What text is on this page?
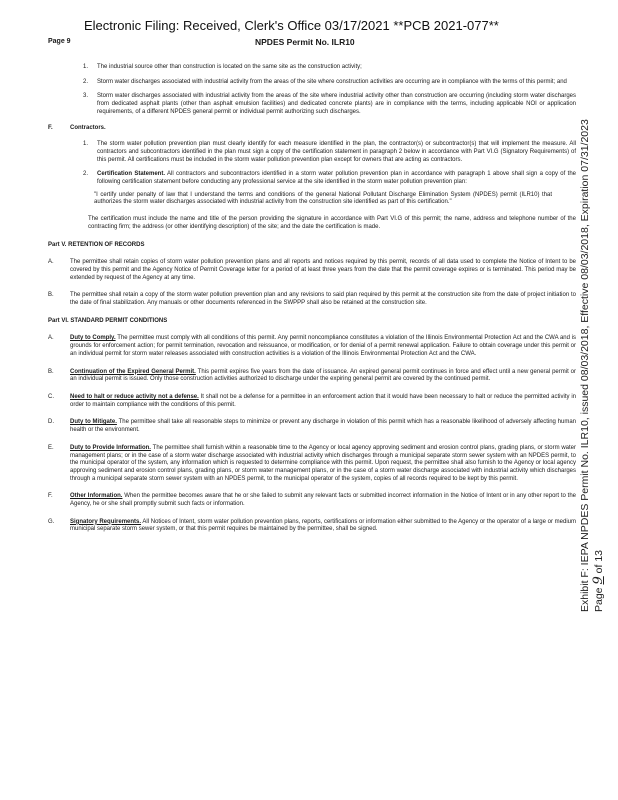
Electronic Filing: Received, Clerk's Office 03/17/2021 **PCB 2021-077**
Page 9	NPDES Permit No. ILR10
1.	The industrial source other than construction is located on the same site as the construction activity;
2.	Storm water discharges associated with industrial activity from the areas of the site where construction activities are occurring are in compliance with the terms of this permit; and
3.	Storm water discharges associated with industrial activity from the areas of the site where industrial activity other than construction are occurring (including storm water discharges from dedicated asphalt plants (other than asphalt emulsion facilities) and dedicated concrete plants) are in compliance with the terms, including applicable NOI or application requirements, of a different NPDES general permit or individual permit authorizing such discharges.
F.	Contractors.
1.	The storm water pollution prevention plan must clearly identify for each measure identified in the plan, the contractor(s) or subcontractor(s) that will implement the measure. All contractors and subcontractors identified in the plan must sign a copy of the certification statement in paragraph 2 below in accordance with Part VI.G (Signatory Requirements) of this permit. All certifications must be included in the storm water pollution prevention plan except for owners that are acting as contractors.
2.	Certification Statement. All contractors and subcontractors identified in a storm water pollution prevention plan in accordance with paragraph 1 above shall sign a copy of the following certification statement before conducting any professional service at the site identified in the storm water pollution prevention plan:
"I certify under penalty of law that I understand the terms and conditions of the general National Pollutant Discharge Elimination System (NPDES) permit (ILR10) that authorizes the storm water discharges associated with industrial activity from the construction site identified as part of this certification."
The certification must include the name and title of the person providing the signature in accordance with Part VI.G of this permit; the name, address and telephone number of the contracting firm; the address (or other identifying description) of the site; and the date the certification is made.
Part V. RETENTION OF RECORDS
A.	The permittee shall retain copies of storm water pollution prevention plans and all reports and notices required by this permit, records of all data used to complete the Notice of Intent to be covered by this permit and the Agency Notice of Permit Coverage letter for a period of at least three years from the date that the permit coverage expires or is terminated. This period may be extended by request of the Agency at any time.
B.	The permittee shall retain a copy of the storm water pollution prevention plan and any revisions to said plan required by this permit at the construction site from the date of project initiation to the date of final stabilization. Any manuals or other documents referenced in the SWPPP shall also be retained at the construction site.
Part VI. STANDARD PERMIT CONDITIONS
A.	Duty to Comply. The permittee must comply with all conditions of this permit. Any permit noncompliance constitutes a violation of the Illinois Environmental Protection Act and the CWA and is grounds for enforcement action; for permit termination, revocation and reissuance, or modification, or for denial of a permit renewal application. Failure to obtain coverage under this permit or an individual permit for storm water releases associated with construction activities is a violation of the Illinois Environmental Protection Act and the CWA.
B.	Continuation of the Expired General Permit. This permit expires five years from the date of issuance. An expired general permit continues in force and effect until a new general permit or an individual permit is issued. Only those construction activities authorized to discharge under the expiring general permit are covered by the continued permit.
C.	Need to halt or reduce activity not a defense. It shall not be a defense for a permittee in an enforcement action that it would have been necessary to halt or reduce the permitted activity in order to maintain compliance with the conditions of this permit.
D.	Duty to Mitigate. The permittee shall take all reasonable steps to minimize or prevent any discharge in violation of this permit which has a reasonable likelihood of adversely affecting human health or the environment.
E.	Duty to Provide Information. The permittee shall furnish within a reasonable time to the Agency or local agency approving sediment and erosion control plans, grading plans, or storm water management plans; or in the case of a storm water discharge associated with industrial activity which discharges through a municipal separate storm sewer system with an NPDES permit, to the municipal operator of the system, any information which is requested to determine compliance with this permit. Upon request, the permittee shall also furnish to the Agency or local agency approving sediment and erosion control plans, grading plans, or storm water management plans, or in the case of a storm water discharge associated with industrial activity which discharges through a municipal separate storm sewer system with an NPDES permit, to the municipal operator of the system, copies of all records required to be kept by this permit.
F.	Other Information. When the permittee becomes aware that he or she failed to submit any relevant facts or submitted incorrect information in the Notice of Intent or in any other report to the Agency, he or she shall promptly submit such facts or information.
G.	Signatory Requirements. All Notices of Intent, storm water pollution prevention plans, reports, certifications or information either submitted to the Agency or the operator of a large or medium municipal separate storm sewer system, or that this permit requires be maintained by the permittee, shall be signed.	Exhibit F: IEPA NPDES Permit No. ILR10, issued 08/03/2018, Effective 08/03/2018, Expiration 07/31/2023 Page 9 of 13
